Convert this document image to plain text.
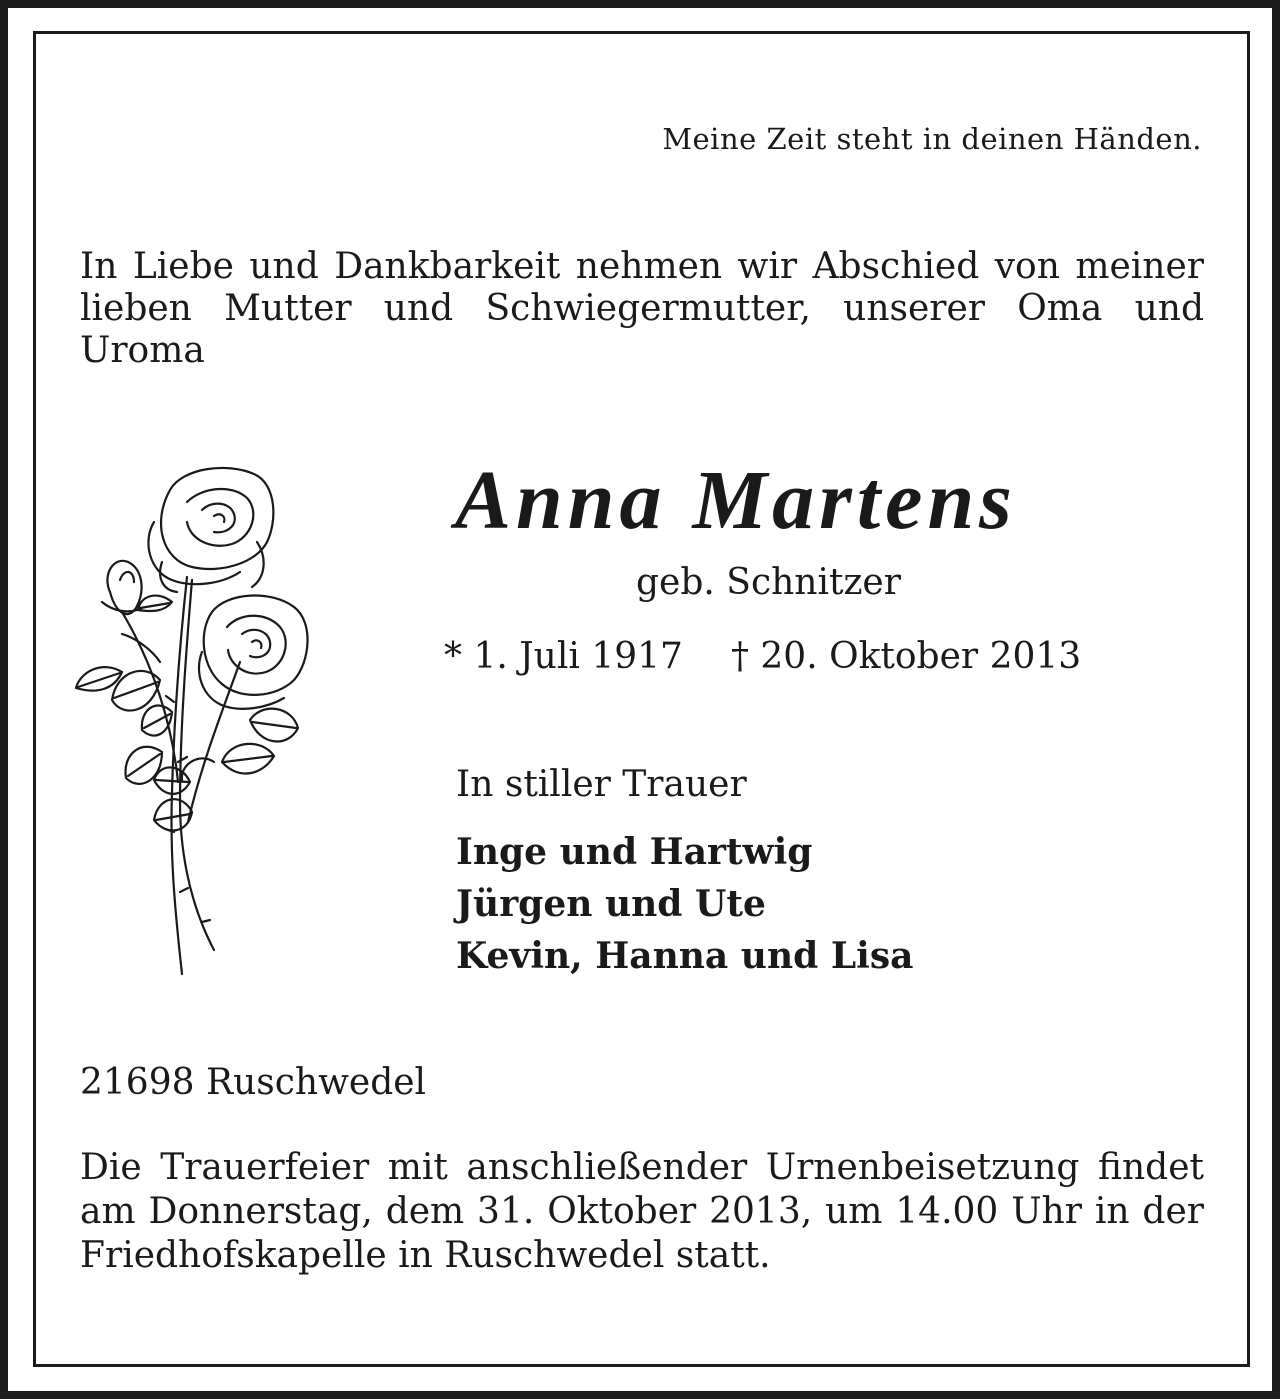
Meine Zeit steht in deinen Händen.
In Liebe und Dankbarkeit nehmen wir Abschied von meiner lieben Mutter und Schwiegermutter, unserer Oma und Uroma
Anna Martens
geb. Schnitzer
* 1. Juli 1917 † 20. Oktober 2013
In stiller Trauer
Inge und Hartwig
Jürgen und Ute
Kevin, Hanna und Lisa
21698 Ruschwedel
Die Trauerfeier mit anschließender Urnenbeisetzung findet am Donnerstag, dem 31. Oktober 2013, um 14.00 Uhr in der Friedhofskapelle in Ruschwedel statt.
